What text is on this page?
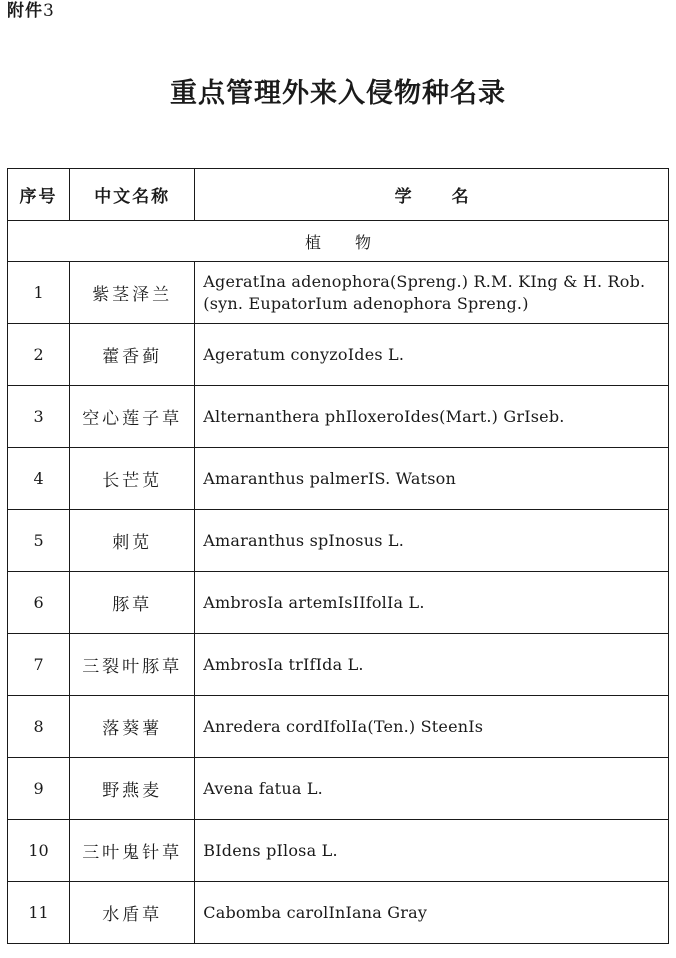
附件3
重点管理外来入侵物种名录
序号	中文名称	学名
植物		
1	紫茎泽兰	AgeratⅠna adenophora(Spreng.) R.M. KⅠng & H. Rob. (syn. EupatorⅠum adenophora Spreng.)
2	藿香蓟	Ageratum conyzoⅠdes L.
3	空心莲子草	Alternanthera phⅠloxeroⅠdes(Mart.) GrⅠseb.
4	长芒苋	Amaranthus palmerⅠS. Watson
5	刺苋	Amaranthus spⅠnosus L.
6	豚草	AmbrosⅠa artemⅠsⅠⅠfolⅠa L.
7	三裂叶豚草	AmbrosⅠa trⅠfⅠda L.
8	落葵薯	Anredera cordⅠfolⅠa(Ten.) SteenⅠs
9	野燕麦	Avena fatua L.
10	三叶鬼针草	BⅠdens pⅠlosa L.
11	水盾草	Cabomba carolⅠnⅠana Gray
